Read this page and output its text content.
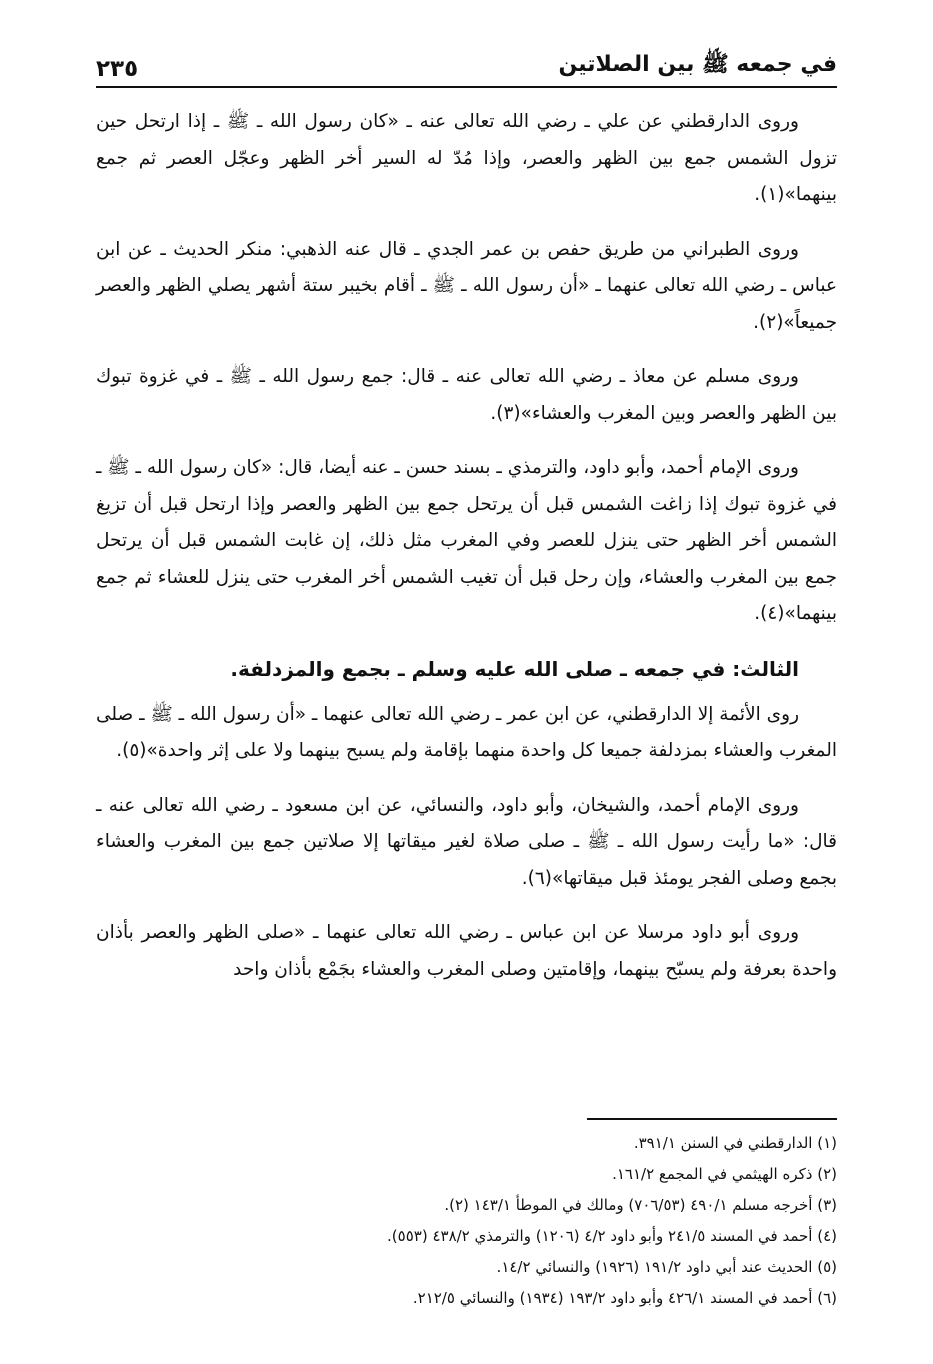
في جمعه ﷺ بين الصلاتين
٢٣٥

وروى الدارقطني عن علي ـ رضي الله تعالى عنه ـ «كان رسول الله ـ ﷺ ـ إذا ارتحل حين تزول الشمس جمع بين الظهر والعصر، وإذا مُدّ له السير أخر الظهر وعجّل العصر ثم جمع بينهما»(١).

وروى الطبراني من طريق حفص بن عمر الجدي ـ قال عنه الذهبي: منكر الحديث ـ عن ابن عباس ـ رضي الله تعالى عنهما ـ «أن رسول الله ـ ﷺ ـ أقام بخيبر ستة أشهر يصلي الظهر والعصر جميعاً»(٢).

وروى مسلم عن معاذ ـ رضي الله تعالى عنه ـ قال: جمع رسول الله ـ ﷺ ـ في غزوة تبوك بين الظهر والعصر وبين المغرب والعشاء»(٣).

وروى الإمام أحمد، وأبو داود، والترمذي ـ بسند حسن ـ عنه أيضا، قال: «كان رسول الله ـ ﷺ ـ في غزوة تبوك إذا زاغت الشمس قبل أن يرتحل جمع بين الظهر والعصر وإذا ارتحل قبل أن تزيغ الشمس أخر الظهر حتى ينزل للعصر وفي المغرب مثل ذلك، إن غابت الشمس قبل أن يرتحل جمع بين المغرب والعشاء، وإن رحل قبل أن تغيب الشمس أخر المغرب حتى ينزل للعشاء ثم جمع بينهما»(٤).

الثالث: في جمعه ـ صلى الله عليه وسلم ـ بجمع والمزدلفة.

روى الأئمة إلا الدارقطني، عن ابن عمر ـ رضي الله تعالى عنهما ـ «أن رسول الله ـ ﷺ ـ صلى المغرب والعشاء بمزدلفة جميعا كل واحدة منهما بإقامة ولم يسبح بينهما ولا على إثر واحدة»(٥).

وروى الإمام أحمد، والشيخان، وأبو داود، والنسائي، عن ابن مسعود ـ رضي الله تعالى عنه ـ قال: «ما رأيت رسول الله ـ ﷺ ـ صلى صلاة لغير ميقاتها إلا صلاتين جمع بين المغرب والعشاء بجمع وصلى الفجر يومئذ قبل ميقاتها»(٦).

وروى أبو داود مرسلا عن ابن عباس ـ رضي الله تعالى عنهما ـ «صلى الظهر والعصر بأذان واحدة بعرفة ولم يسبّح بينهما، وإقامتين وصلى المغرب والعشاء بجَمْع بأذان واحد

(١) الدارقطني في السنن ٣٩١/١.

(٢) ذكره الهيثمي في المجمع ١٦١/٢.

(٣) أخرجه مسلم ٤٩٠/١ (٧٠٦/٥٣) ومالك في الموطأ ١٤٣/١ (٢).

(٤) أحمد في المسند ٢٤١/٥ وأبو داود ٤/٢ (١٢٠٦) والترمذي ٤٣٨/٢ (٥٥٣).

(٥) الحديث عند أبي داود ١٩١/٢ (١٩٢٦) والنسائي ١٤/٢.

(٦) أحمد في المسند ٤٢٦/١ وأبو داود ١٩٣/٢ (١٩٣٤) والنسائي ٢١٢/٥.
